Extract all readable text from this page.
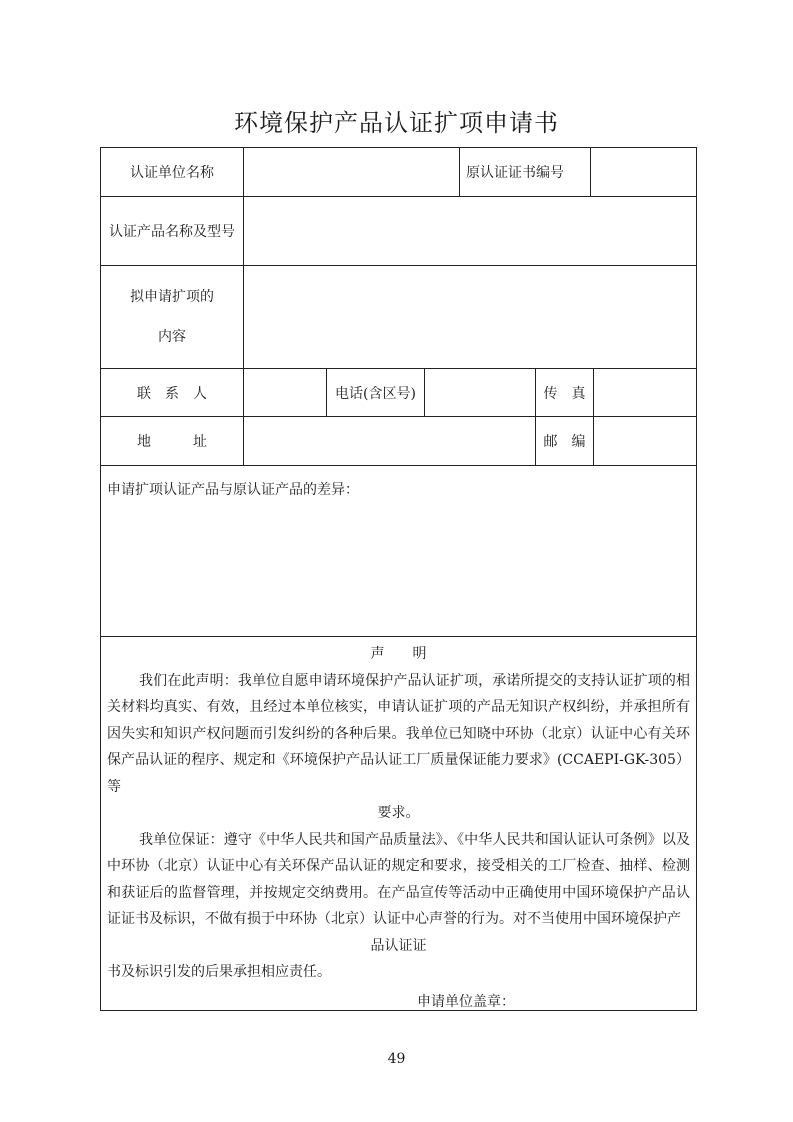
环境保护产品认证扩项申请书
认证单位名称	原认证证书编号
认证产品名称及型号
拟申请扩项的
内容
联　系　人	电话(含区号)	传　真
地　　　址	邮　编
申请扩项认证产品与原认证产品的差异：
声　　明
我们在此声明：我单位自愿申请环境保护产品认证扩项，承诺所提交的支持认证扩项的相关材料均真实、有效，且经过本单位核实，申请认证扩项的产品无知识产权纠纷，并承担所有因失实和知识产权问题而引发纠纷的各种后果。我单位已知晓中环协（北京）认证中心有关环保产品认证的程序、规定和《环境保护产品认证工厂质量保证能力要求》(CCAEPI-GK-305）等
要求。
我单位保证：遵守《中华人民共和国产品质量法》、《中华人民共和国认证认可条例》以及中环协（北京）认证中心有关环保产品认证的规定和要求，接受相关的工厂检查、抽样、检测和获证后的监督管理，并按规定交纳费用。在产品宣传等活动中正确使用中国环境保护产品认证证书及标识，不做有损于中环协（北京）认证中心声誉的行为。对不当使用中国环境保护产
品认证证
书及标识引发的后果承担相应责任。
申请单位盖章：
49
